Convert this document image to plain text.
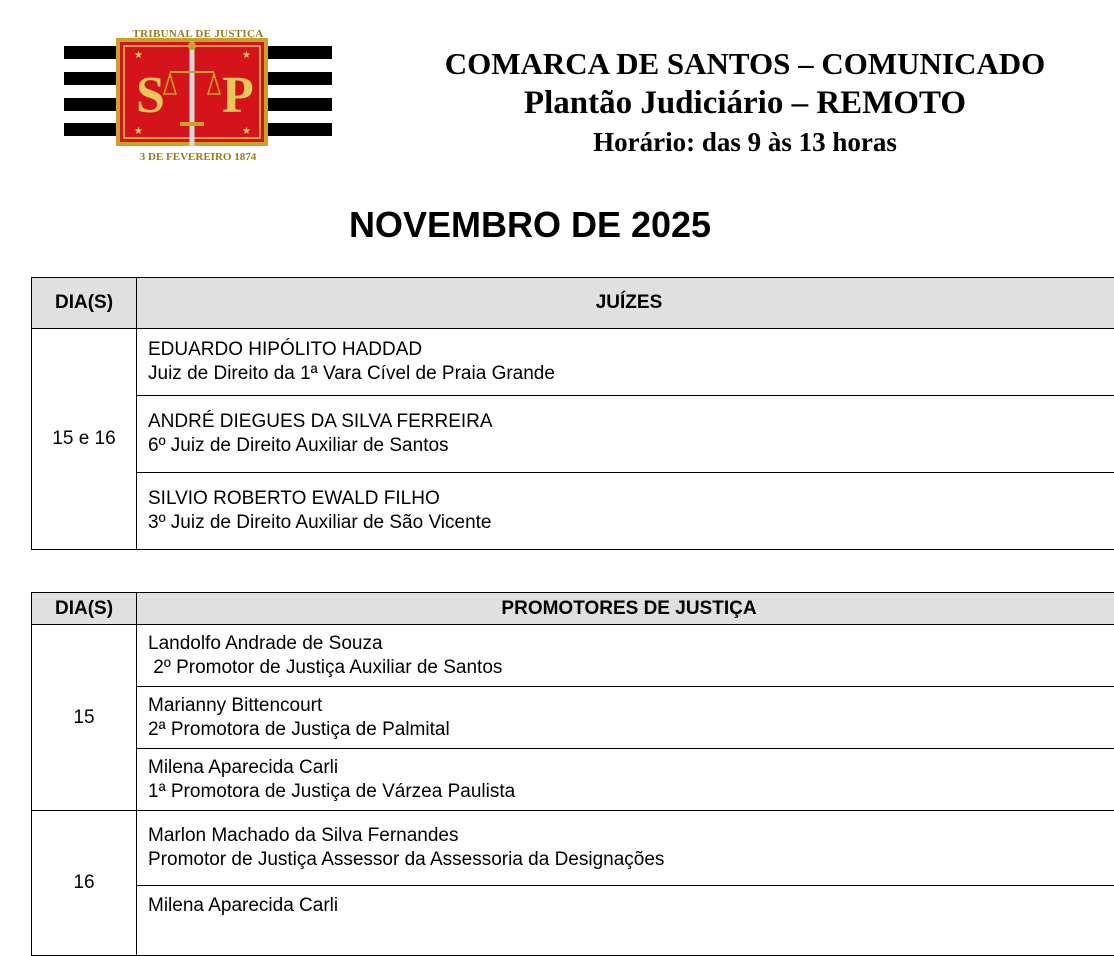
TRIBUNAL DE JUSTIÇA
★	★
★	★
S P
3 DE FEVEREIRO 1874
COMARCA DE SANTOS – COMUNICADO
Plantão Judiciário – REMOTO
Horário: das 9 às 13 horas
NOVEMBRO DE 2025
DIA(S)	JUÍZES
15 e 16	EDUARDO HIPÓLITO HADDAD
Juiz de Direito da 1ª Vara Cível de Praia Grande

	ANDRÉ DIEGUES DA SILVA FERREIRA
6º Juiz de Direito Auxiliar de Santos

	SILVIO ROBERTO EWALD FILHO
3º Juiz de Direito Auxiliar de São Vicente
DIA(S)	PROMOTORES DE JUSTIÇA
15	Landolfo Andrade de Souza
2º Promotor de Justiça Auxiliar de Santos

	Marianny Bittencourt
2ª Promotora de Justiça de Palmital

	Milena Aparecida Carli
1ª Promotora de Justiça de Várzea Paulista

16	Marlon Machado da Silva Fernandes
Promotor de Justiça Assessor da Assessoria da Designações

	Milena Aparecida Carli
